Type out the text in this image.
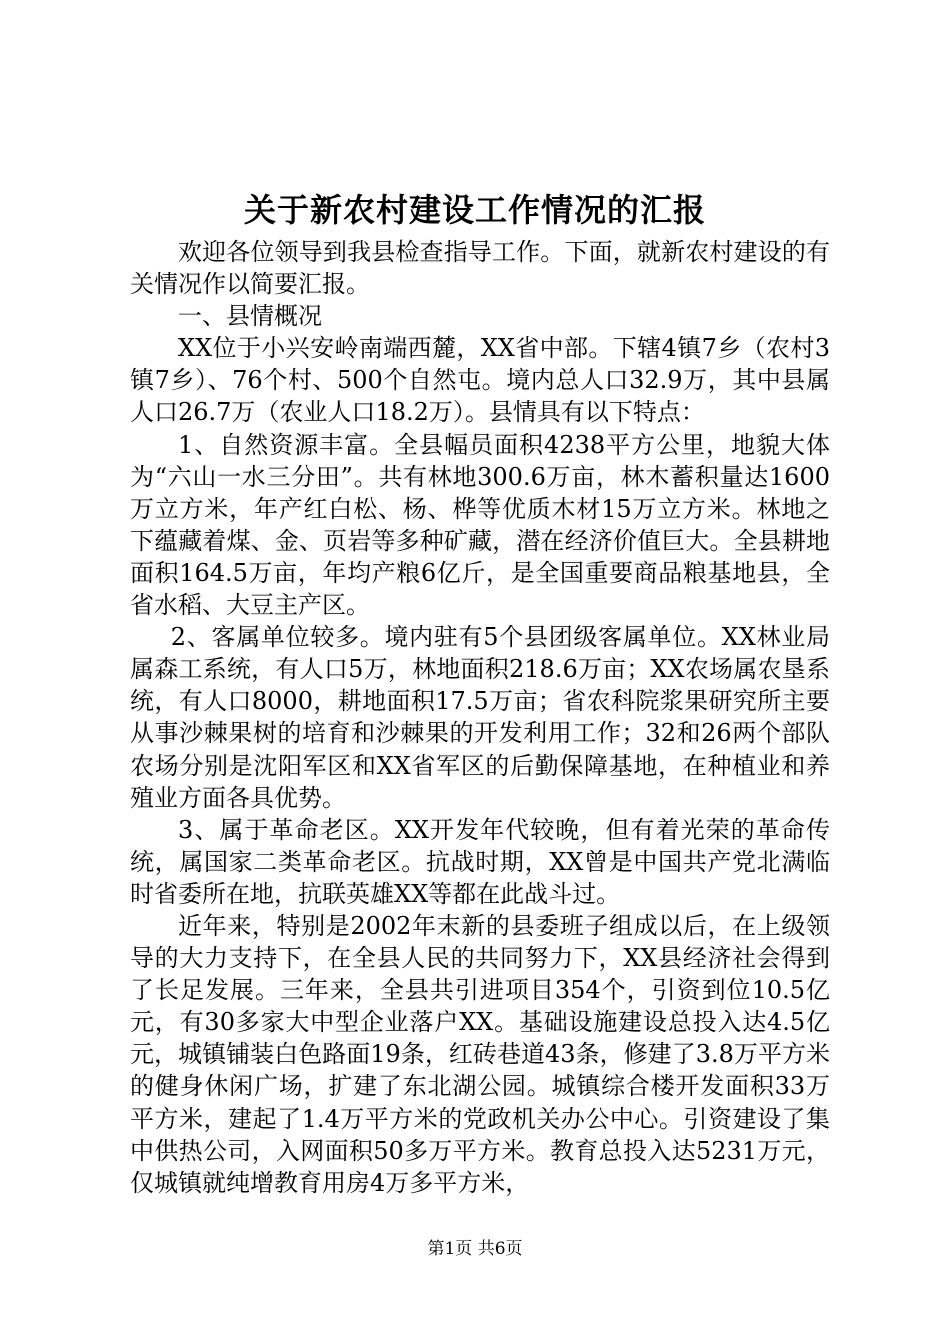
关于新农村建设工作情况的汇报

欢迎各位领导到我县检查指导工作。下面，就新农村建设的有关情况作以简要汇报。

一、县情概况

XX位于小兴安岭南端西麓，XX省中部。下辖4镇7乡（农村3镇7乡）、76个村、500个自然屯。境内总人口32.9万，其中县属人口26.7万（农业人口18.2万）。县情具有以下特点：

1、自然资源丰富。全县幅员面积4238平方公里，地貌大体为“六山一水三分田”。共有林地300.6万亩，林木蓄积量达1600万立方米，年产红白松、杨、桦等优质木材15万立方米。林地之下蕴藏着煤、金、页岩等多种矿藏，潜在经济价值巨大。全县耕地面积164.5万亩，年均产粮6亿斤，是全国重要商品粮基地县，全省水稻、大豆主产区。

2、客属单位较多。境内驻有5个县团级客属单位。XX林业局属森工系统，有人口5万，林地面积218.6万亩；XX农场属农垦系统，有人口8000，耕地面积17.5万亩；省农科院浆果研究所主要从事沙棘果树的培育和沙棘果的开发利用工作；32和26两个部队农场分别是沈阳军区和XX省军区的后勤保障基地，在种植业和养殖业方面各具优势。

3、属于革命老区。XX开发年代较晚，但有着光荣的革命传统，属国家二类革命老区。抗战时期，XX曾是中国共产党北满临时省委所在地，抗联英雄XX等都在此战斗过。

近年来，特别是2002年末新的县委班子组成以后，在上级领导的大力支持下，在全县人民的共同努力下，XX县经济社会得到了长足发展。三年来，全县共引进项目354个，引资到位10.5亿元，有30多家大中型企业落户XX。基础设施建设总投入达4.5亿元，城镇铺装白色路面19条，红砖巷道43条，修建了3.8万平方米的健身休闲广场，扩建了东北湖公园。城镇综合楼开发面积33万平方米，建起了1.4万平方米的党政机关办公中心。引资建设了集中供热公司，入网面积50多万平方米。教育总投入达5231万元，仅城镇就纯增教育用房4万多平方米，

第1页 共6页
